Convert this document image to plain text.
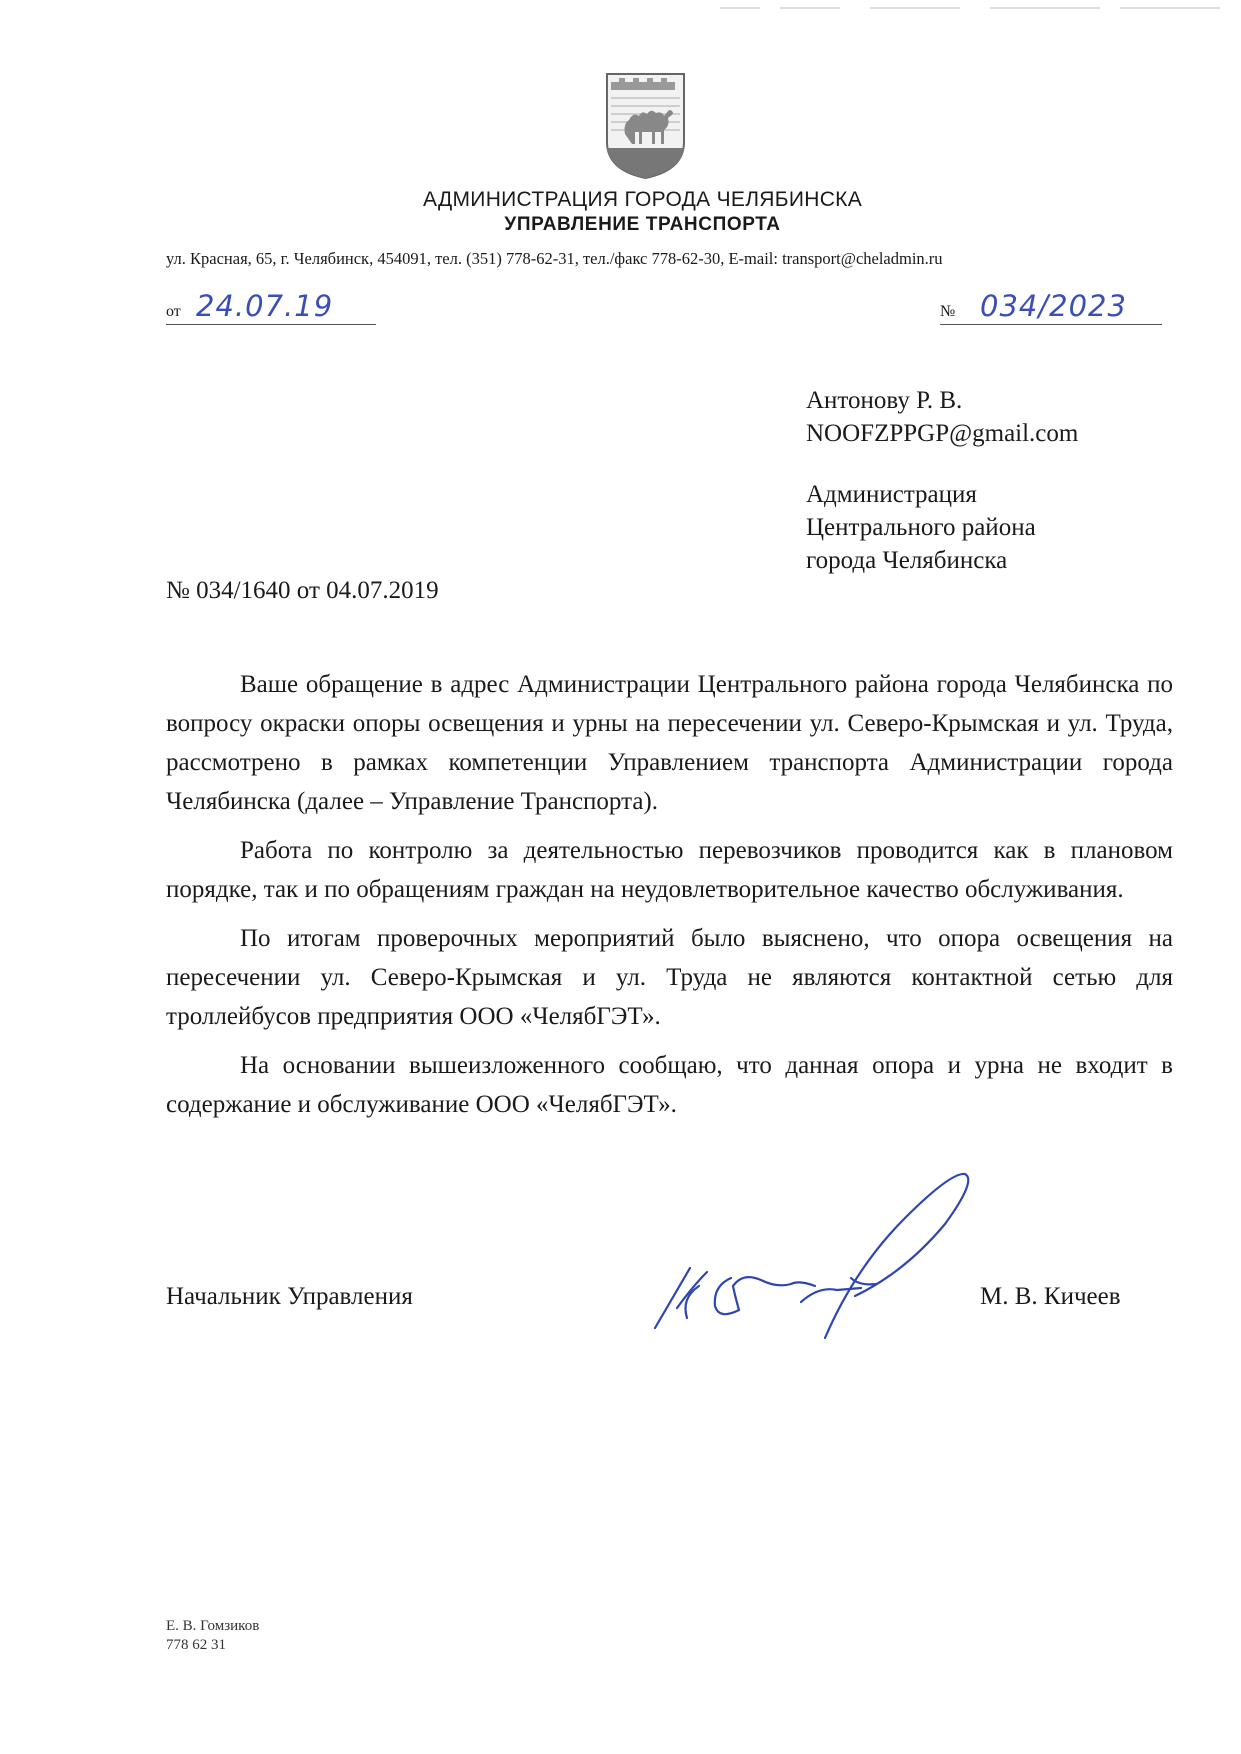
АДМИНИСТРАЦИЯ ГОРОДА ЧЕЛЯБИНСКА
УПРАВЛЕНИЕ ТРАНСПОРТА
ул. Красная, 65, г. Челябинск, 454091, тел. (351) 778-62-31, тел./факс 778-62-30, E-mail: transport@cheladmin.ru
от 24.07.19	№ 034/2023
Антонову Р. В.
NOOFZPPGP@gmail.com
Администрация
Центрального района
города Челябинска
№ 034/1640 от 04.07.2019

Ваше обращение в адрес Администрации Центрального района города Челябинска по вопросу окраски опоры освещения и урны на пересечении ул. Северо-Крымская и ул. Труда, рассмотрено в рамках компетенции Управлением транспорта Администрации города Челябинска (далее – Управление Транспорта).

Работа по контролю за деятельностью перевозчиков проводится как в плановом порядке, так и по обращениям граждан на неудовлетворительное качество обслуживания.

По итогам проверочных мероприятий было выяснено, что опора освещения на пересечении ул. Северо-Крымская и ул. Труда не являются контактной сетью для троллейбусов предприятия ООО «ЧелябГЭТ».

На основании вышеизложенного сообщаю, что данная опора и урна не входит в содержание и обслуживание ООО «ЧелябГЭТ».

Начальник Управления	М. В. Кичеев
Е. В. Гомзиков
778 62 31
